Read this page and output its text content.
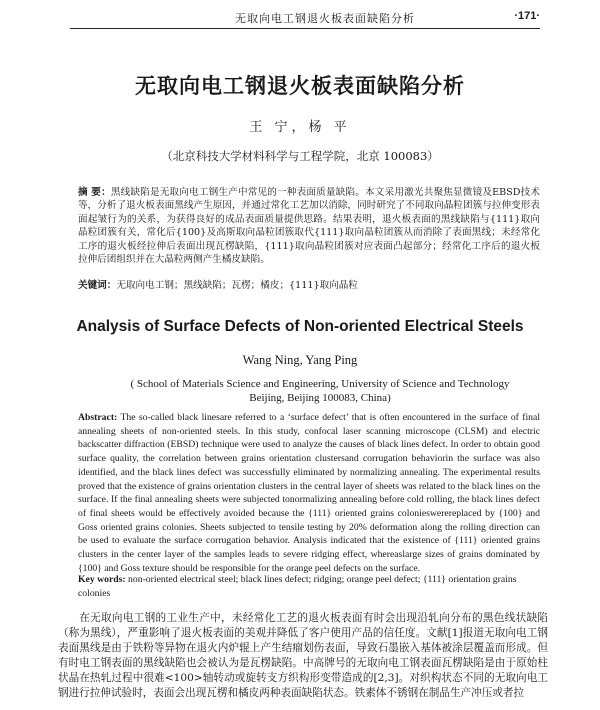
无取向电工钢退火板表面缺陷分析	·171·
无取向电工钢退火板表面缺陷分析
王 宁，杨 平
（北京科技大学材料科学与工程学院，北京 100083）
摘 要：黑线缺陷是无取向电工钢生产中常见的一种表面质量缺陷。本文采用激光共聚焦显微镜及EBSD技术等，分析了退火板表面黑线产生原因，并通过常化工艺加以消除，同时研究了不同取向晶粒团簇与拉伸变形表面起皱行为的关系，为获得良好的成品表面质量提供思路。结果表明，退火板表面的黑线缺陷与{111}取向晶粒团簇有关，常化后{100}及高斯取向晶粒团簇取代{111}取向晶粒团簇从而消除了表面黑线；未经常化工序的退火板经拉伸后表面出现瓦楞缺陷，{111}取向晶粒团簇对应表面凸起部分；经常化工序后的退火板拉伸后团组织并在大晶粒两侧产生橘皮缺陷。
关键词：无取向电工钢；黑线缺陷；瓦楞；橘皮；{111}取向晶粒
Analysis of Surface Defects of Non-oriented Electrical Steels
Wang Ning, Yang Ping
( School of Materials Science and Engineering, University of Science and Technology Beijing, Beijing 100083, China)
Abstract: The so-called black linesare referred to a ‘surface defect’ that is often encountered in the surface of final annealing sheets of non-oriented steels. In this study, confocal laser scanning microscope (CLSM) and electric backscatter diffraction (EBSD) technique were used to analyze the causes of black lines defect. In order to obtain good surface quality, the correlation between grains orientation clustersand corrugation behaviorin the surface was also identified, and the black lines defect was successfully eliminated by normalizing annealing. The experimental results proved that the existence of grains orientation clusters in the central layer of sheets was related to the black lines on the surface. If the final annealing sheets were subjected tonormalizing annealing before cold rolling, the black lines defect of final sheets would be effectively avoided because the {111} oriented grains colonieswerereplaced by {100} and Goss oriented grains colonies. Sheets subjected to tensile testing by 20% deformation along the rolling direction can be used to evaluate the surface corrugation behavior. Analysis indicated that the existence of {111} oriented grains clusters in the center layer of the samples leads to severe ridging effect, whereaslarge sizes of grains dominated by {100} and Goss texture should be responsible for the orange peel defects on the surface.
Key words: non-oriented electrical steel; black lines defect; ridging; orange peel defect; {111} orientation grains colonies
在无取向电工钢的工业生产中，未经常化工艺的退火板表面有时会出现沿轧向分布的黑色线状缺陷（称为黑线），严重影响了退火板表面的美观并降低了客户使用产品的信任度。文献[1]报道无取向电工钢表面黑线是由于铁粉等异物在退火内炉辊上产生结瘤划伤表面，导致石墨嵌入基体被涂层覆盖而形成。但有时电工钢表面的黑线缺陷也会被认为是瓦楞缺陷。中高牌号的无取向电工钢表面瓦楞缺陷是由于原始柱状晶在热轧过程中很难<100>轴转动或旋转支方织构形变带造成的[2,3]。对织构状态不同的无取向电工钢进行拉伸试验时，表面会出现瓦楞和橘皮两种表面缺陷状态。铁素体不锈钢在制品生产冲压或者拉
